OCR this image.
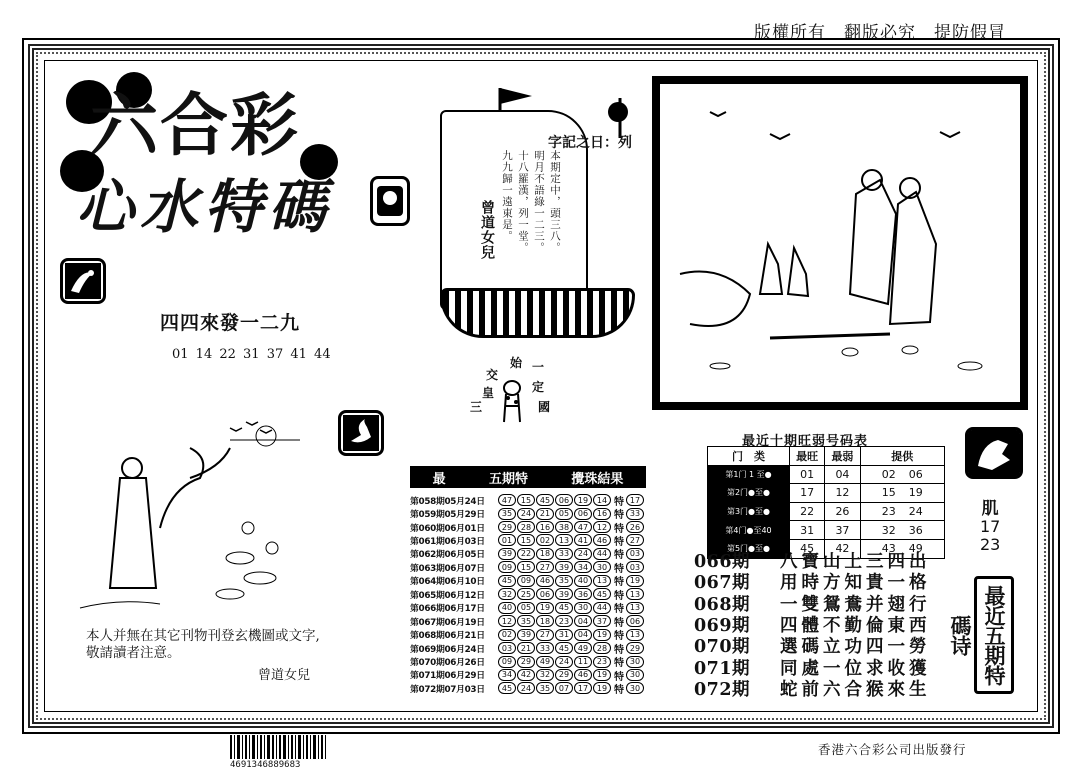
版權所有　翻版必究　提防假冒
六合彩
心水特碼
四四來發一二九
01 14 22 31 37 41 44
字記之日：列
本期定中，頭三八。
明月不語綠一二三。
十八羅漢，列一堂。
九九歸一遠東是。
曾道女兒
始 一
交
皇	定
三	國
本人并無在其它刊物刊登玄機圖或文字,
敬請讀者注意。
曾道女兒
最	五期特	攪珠結果
第058期05月24日	47	15	45	06	19	14 特 17
第059期05月29日	35	24	21	05	06	16 特 33
第060期06月01日	29	28	16	38	47	12 特 26
第061期06月03日	01	15	02	13	41	46 特 27
第062期06月05日	39	22	18	33	24	44 特 03
第063期06月07日	09	15	27	39	34	30 特 03
第064期06月10日	45	09	46	35	40	13 特 19
第065期06月12日	32	25	06	39	36	45 特 13
第066期06月17日	40	05	19	45	30	44 特 13
第067期06月19日	12	35	18	23	04	37 特 06
第068期06月21日	02	39	27	31	04	19 特 13
第069期06月24日	03	21	33	45	49	28 特 29
第070期06月26日	09	29	49	24	11	23 特 30
第071期06月29日	34	42	32	29	46	19 特 30
第072期07月03日	45	24	35	07	17	19 特 30
最近十期旺弱号码表
门　类	最旺	最弱	提供
第1门 1 至●	01	04	02 06
第2门●至●	17	12	15 19
第3门●至●	22	26	23 24
第4门●至40	31	37	32 36
第5门●至●	45	42	43 49
066期	八寶山上三四出
067期	用時方知貴一格
068期	一雙鴛鴦并翅行
069期	四體不勤倫東西
070期	選碼立功四一勞
071期	同處一位求收獲
072期	蛇前六合猴來生
肌
17
23
最近五期特碼诗
4691346889683
香港六合彩公司出版發行
